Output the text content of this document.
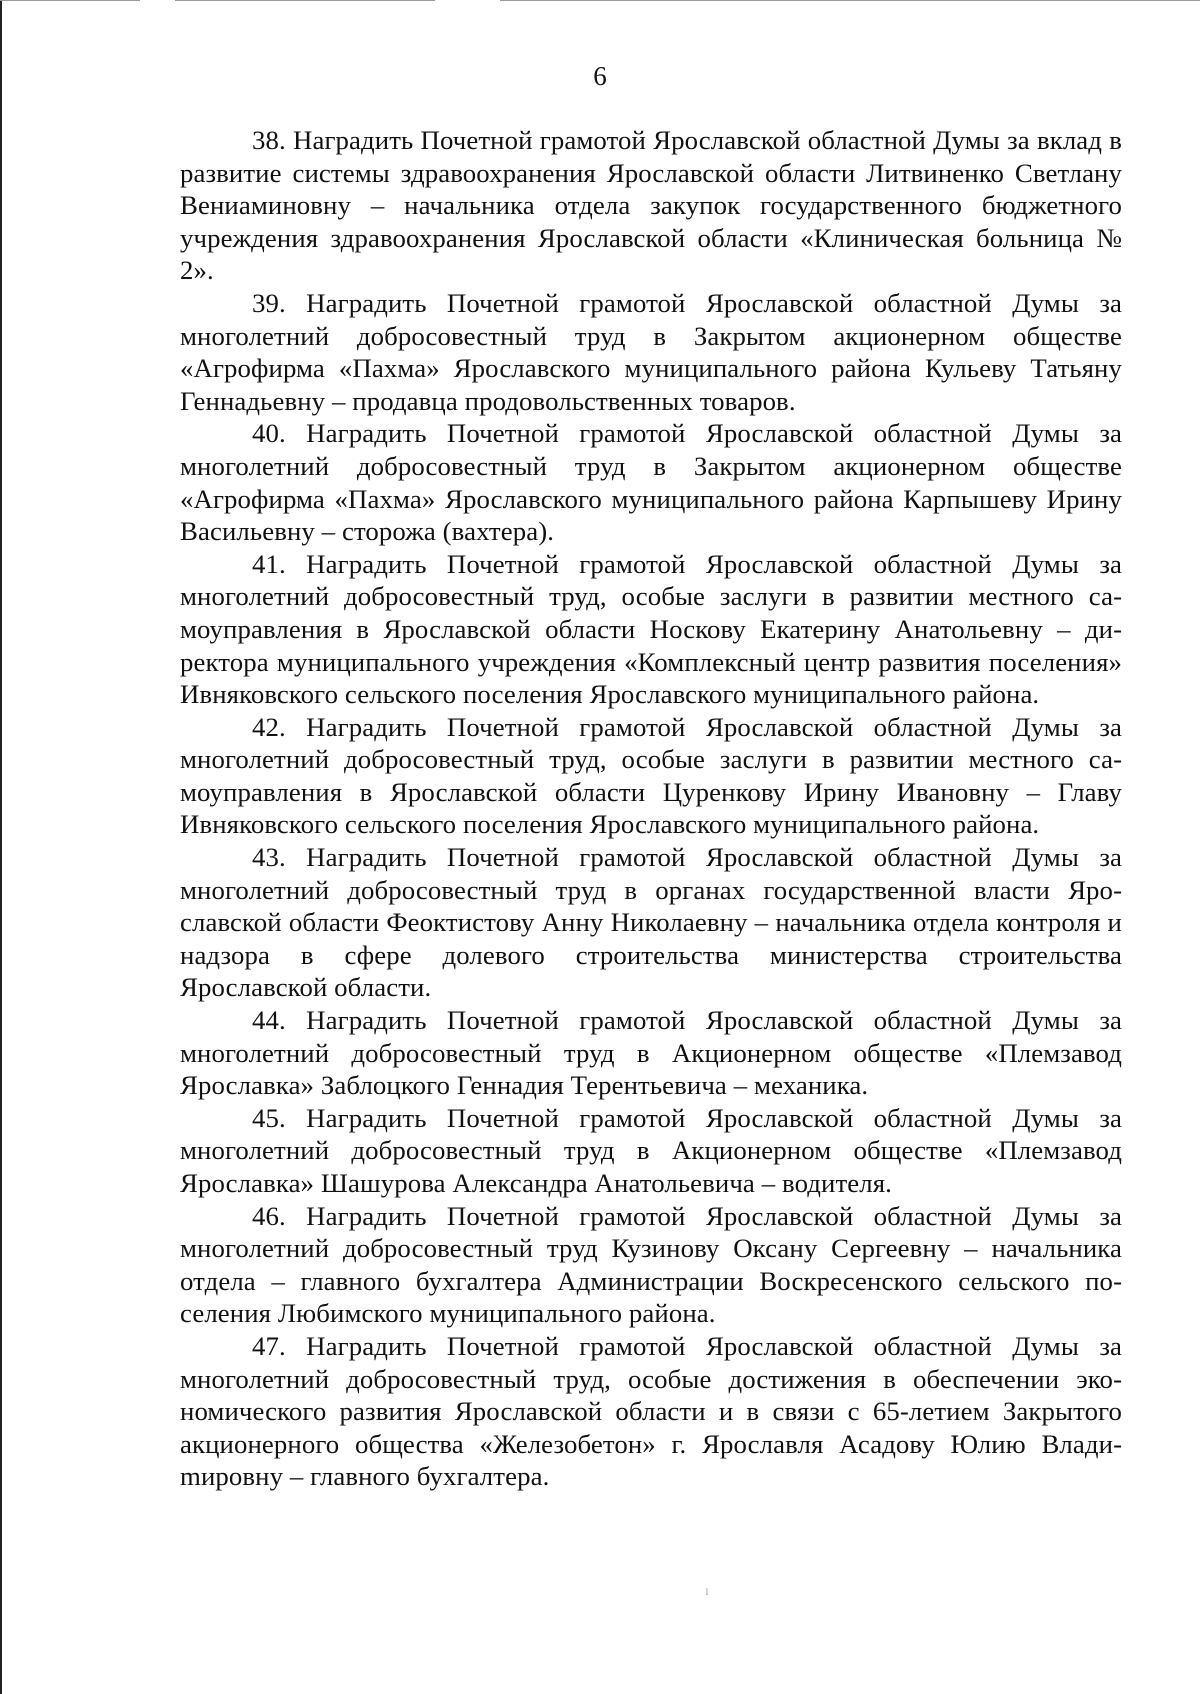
6

38. Наградить Почетной грамотой Ярославской областной Думы за вклад в развитие системы здравоохранения Ярославской области Литвиненко Светлану Вениаминовну – начальника отдела закупок государственного бюджетного учреждения здравоохранения Ярославской области «Клиническая больница № 2».

39. Наградить Почетной грамотой Ярославской областной Думы за многолетний добросовестный труд в Закрытом акционерном обществе «Агрофирма «Пахма» Ярославского муниципального района Кульеву Татьяну Геннадьевну – продавца продовольственных товаров.

40. Наградить Почетной грамотой Ярославской областной Думы за многолетний добросовестный труд в Закрытом акционерном обществе «Агрофирма «Пахма» Ярославского муниципального района Карпышеву Ирину Васильевну – сторожа (вахтера).

41. Наградить Почетной грамотой Ярославской областной Думы за многолетний добросовестный труд, особые заслуги в развитии местного самоуправления в Ярославской области Носкову Екатерину Анатольевну – директора муниципального учреждения «Комплексный центр развития поселения» Ивняковского сельского поселения Ярославского муниципального района.

42. Наградить Почетной грамотой Ярославской областной Думы за многолетний добросовестный труд, особые заслуги в развитии местного самоуправления в Ярославской области Цуренкову Ирину Ивановну – Главу Ивняковского сельского поселения Ярославского муниципального района.

43. Наградить Почетной грамотой Ярославской областной Думы за многолетний добросовестный труд в органах государственной власти Ярославской области Феоктистову Анну Николаевну – начальника отдела контроля и надзора в сфере долевого строительства министерства строительства Ярославской области.

44. Наградить Почетной грамотой Ярославской областной Думы за многолетний добросовестный труд в Акционерном обществе «Племзавод Ярославка» Заблоцкого Геннадия Терентьевича – механика.

45. Наградить Почетной грамотой Ярославской областной Думы за многолетний добросовестный труд в Акционерном обществе «Племзавод Ярославка» Шашурова Александра Анатольевича – водителя.

46. Наградить Почетной грамотой Ярославской областной Думы за многолетний добросовестный труд Кузинову Оксану Сергеевну – начальника отдела – главного бухгалтера Администрации Воскресенского сельского поселения Любимского муниципального района.

47. Наградить Почетной грамотой Ярославской областной Думы за многолетний добросовестный труд, особые достижения в обеспечении экономического развития Ярославской области и в связи с 65-летием Закрытого акционерного общества «Железобетон» г. Ярославля Асадову Юлию Владиmировну – главного бухгалтера.

ı
